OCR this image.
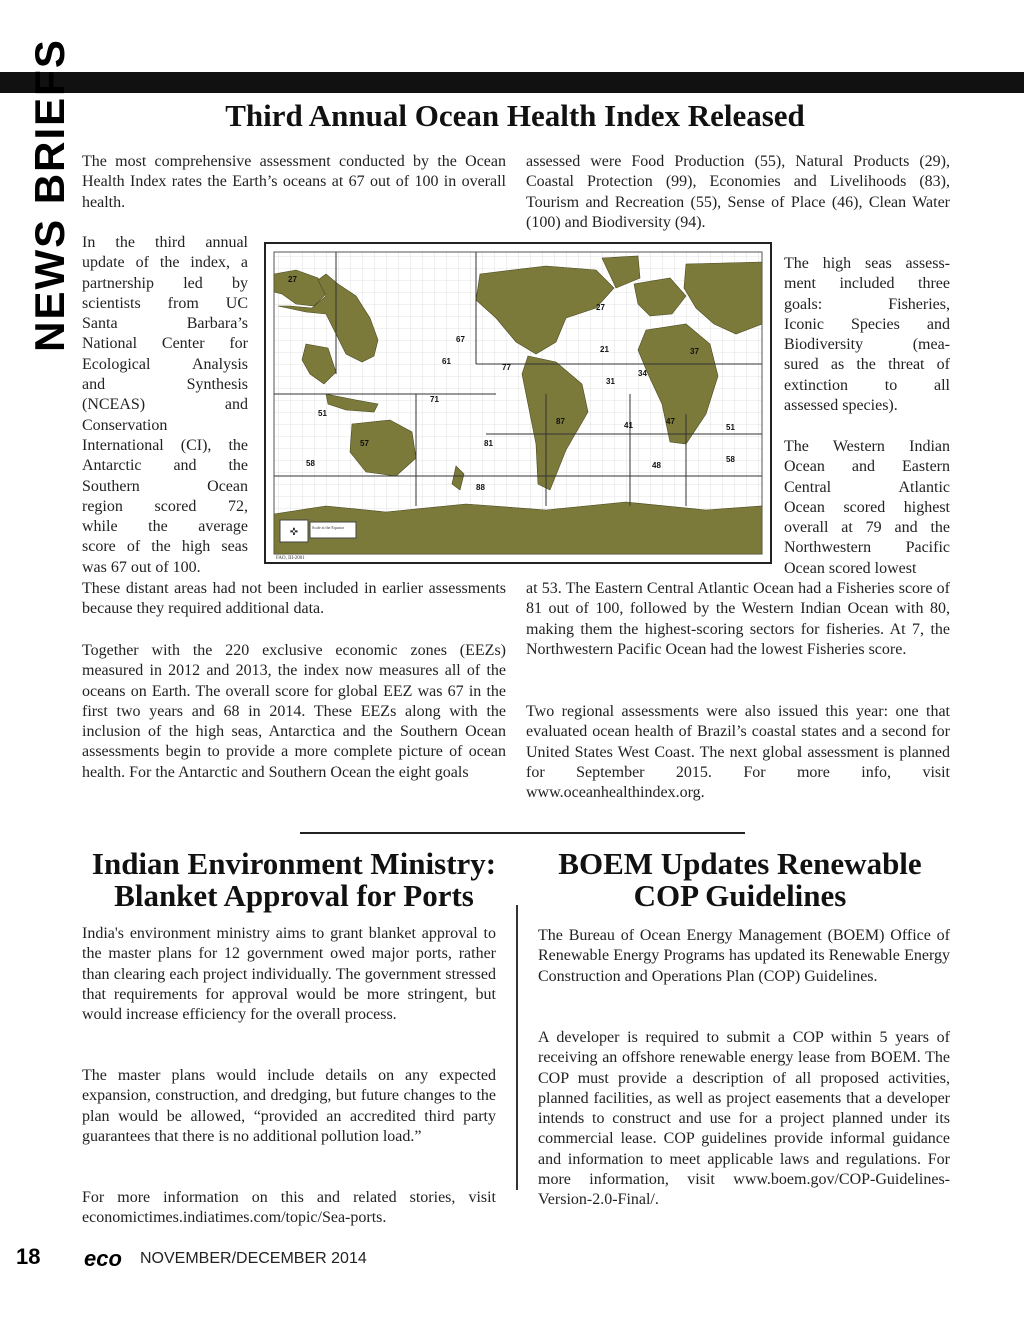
NEWS BRIEFS	Third Annual Ocean Health Index Released

The most comprehensive assessment conducted by the Ocean Health Index rates the Earth’s oceans at 67 out of 100 in overall health.

In the third annual
update of the index, a
partnership led by
scientists from UC
Santa Barbara’s
National Center for
Ecological Analysis
and Synthesis
(NCEAS) and
Conservation
International (CI), the
Antarctic and the
Southern Ocean
region scored 72,
while the average
score of the high seas
was 67 out of 100.

These distant areas had not been included in earlier assessments because they required additional data.

Together with the 220 exclusive economic zones (EEZs) measured in 2012 and 2013, the index now measures all of the oceans on Earth. The overall score for global EEZ was 67 in the first two years and 68 in 2014. These EEZs along with the inclusion of the high seas, Antarctica and the Southern Ocean assessments begin to provide a more complete picture of ocean health. For the Antarctic and Southern Ocean the eight goals

assessed were Food Production (55), Natural Products (29), Coastal Protection (99), Economies and Livelihoods (83), Tourism and Recreation (55), Sense of Place (46), Clean Water (100) and Biodiversity (94).

The high seas assess-
ment included three
goals: Fisheries,
Iconic Species and
Biodiversity (mea-
sured as the threat of
extinction to all
assessed species).
The Western Indian
Ocean and Eastern
Central Atlantic
Ocean scored highest
overall at 79 and the
Northwestern Pacific
Ocean scored lowest

at 53. The Eastern Central Atlantic Ocean had a Fisheries score of 81 out of 100, followed by the Western Indian Ocean with 80, making them the highest-scoring sectors for fisheries. At 7, the Northwestern Pacific Ocean had the lowest Fisheries score.

Two regional assessments were also issued this year: one that evaluated ocean health of Brazil’s coastal states and a second for United States West Coast. The next global assessment is planned for September 2015. For more info, visit www.oceanhealthindex.org.

27
67
61
71
77
21
27
31
34
37
51
57	81
87	41	47
51
58
88
48
58
✜	Scale at the Equator
FAO, III-2001
Indian Environment Ministry:
Blanket Approval for Ports

India's environment ministry aims to grant blanket approval to the master plans for 12 government owed major ports, rather than clearing each project individually. The government stressed that requirements for approval would be more stringent, but would increase efficiency for the overall process.

The master plans would include details on any expected expansion, construction, and dredging, but future changes to the plan would be allowed, “provided an accredited third party guarantees that there is no additional pollution load.”

For more information on this and related stories, visit economictimes.indiatimes.com/topic/Sea-ports.

BOEM Updates Renewable
COP Guidelines

The Bureau of Ocean Energy Management (BOEM) Office of Renewable Energy Programs has updated its Renewable Energy Construction and Operations Plan (COP) Guidelines.

A developer is required to submit a COP within 5 years of receiving an offshore renewable energy lease from BOEM. The COP must provide a description of all proposed activities, planned facilities, as well as project easements that a developer intends to construct and use for a project planned under its commercial lease. COP guidelines provide informal guidance and information to meet applicable laws and regulations. For more information, visit www.boem.gov/COP-Guidelines-Version-2.0-Final/.

18 eco NOVEMBER/DECEMBER 2014
